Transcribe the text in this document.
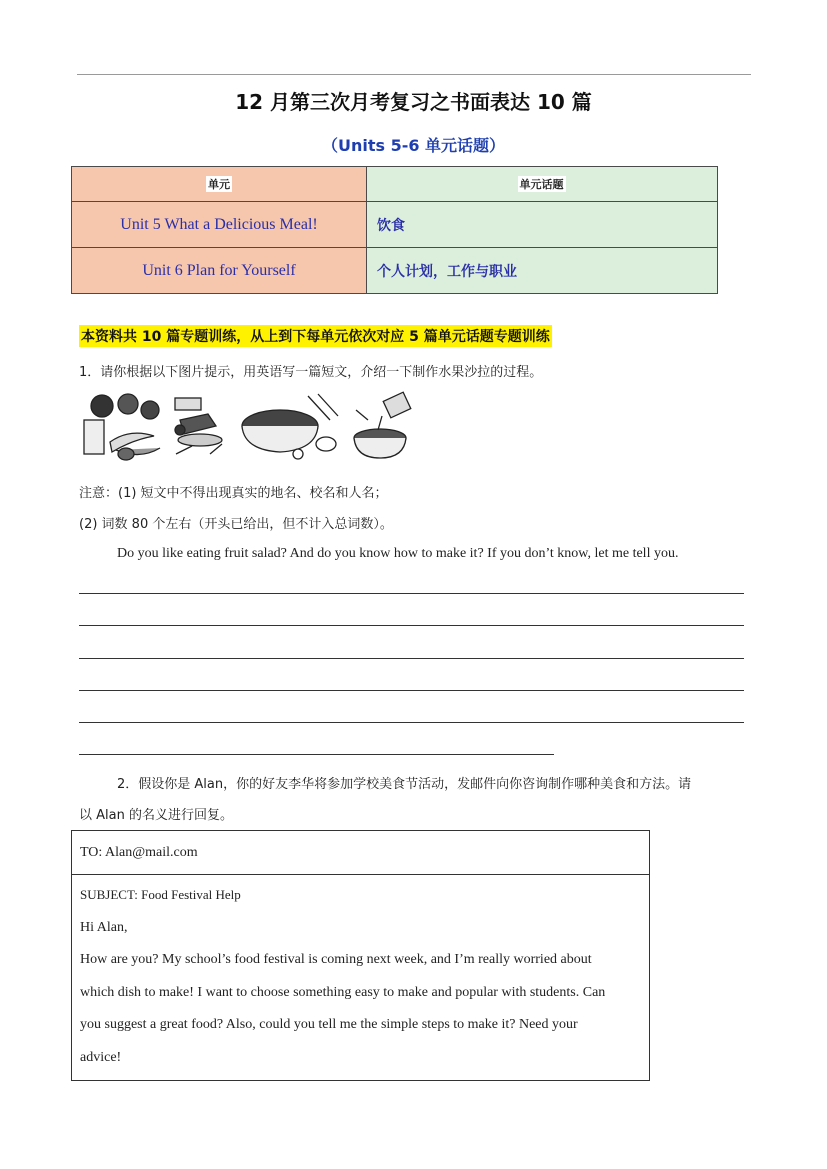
12 月第三次月考复习之书面表达 10 篇
（Units 5-6 单元话题）
单元	单元话题
Unit 5 What a Delicious Meal!	饮食
Unit 6 Plan for Yourself	个人计划，工作与职业
本资料共 10 篇专题训练，从上到下每单元依次对应 5 篇单元话题专题训练
1．请你根据以下图片提示，用英语写一篇短文，介绍一下制作水果沙拉的过程。
注意：(1) 短文中不得出现真实的地名、校名和人名；
(2) 词数 80 个左右（开头已给出，但不计入总词数）。
Do you like eating fruit salad? And do you know how to make it? If you don’t know, let me tell you.
2．假设你是 Alan，你的好友李华将参加学校美食节活动，发邮件向你咨询制作哪种美食和方法。请
以 Alan 的名义进行回复。
TO: Alan@mail.com

SUBJECT: Food Festival Help
Hi Alan,
How are you? My school’s food festival is coming next week, and I’m really worried about
which dish to make! I want to choose something easy to make and popular with students. Can
you suggest a great food? Also, could you tell me the simple steps to make it? Need your
advice!
